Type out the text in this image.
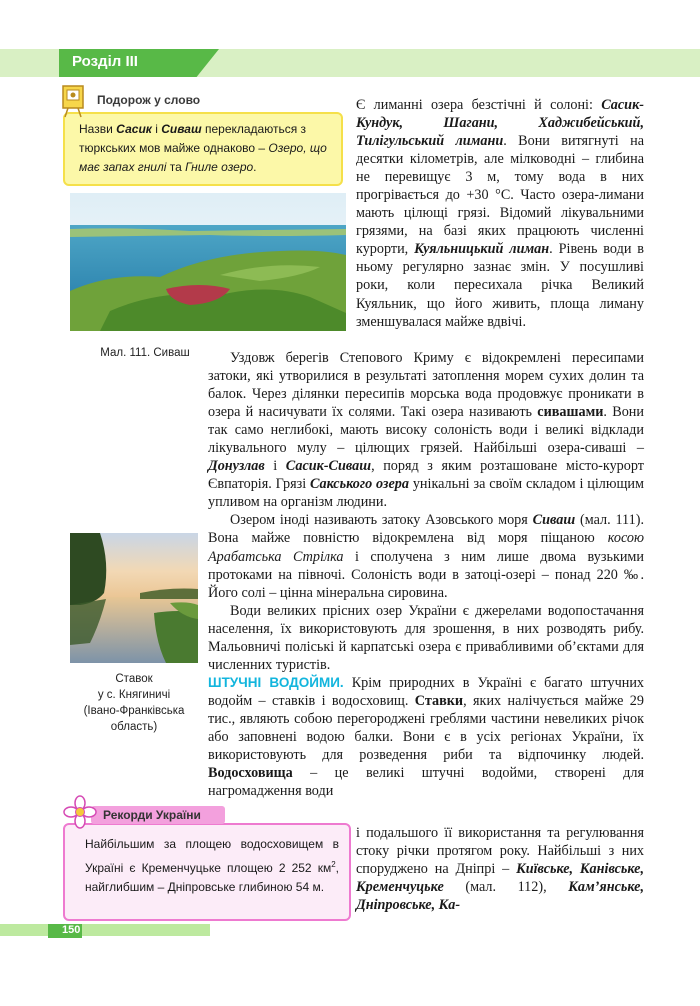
Розділ ІІІ
Подорож у слово
Назви Сасик і Сиваш перекладаються з тюркських мов майже однаково – Озеро, що має запах гнилі та Гниле озеро.
Мал. 111. Сиваш
Ставок
у с. Княгиничі
(Івано-Франківська
область)

Є лиманні озера безстічні й солоні: Сасик-Кундук, Шагани, Хаджибейський, Тилігульський лимани. Вони витягнуті на десятки кілометрів, але мілководні – глибина не перевищує 3 м, тому вода в них прогрівається до +30 °С. Часто озера-лимани мають цілющі грязі. Відомий лікувальними грязями, на базі яких працюють численні курорти, Куяльницький лиман. Рівень води в ньому регулярно зазнає змін. У посушливі роки, коли пересихала річка Великий Куяльник, що його живить, площа лиману зменшувалася майже вдвічі.

Уздовж берегів Степового Криму є відокремлені пересипами затоки, які утворилися в результаті затоплення морем сухих долин та балок. Через ділянки пересипів морська вода продовжує проникати в озера й насичувати їх солями. Такі озера називають сивашами. Вони так само неглибокі, мають високу солоність води і великі відклади лікувального мулу – цілющих грязей. Найбільші озера-сиваші – Донузлав і Сасик-Сиваш, поряд з яким розташоване місто-курорт Євпаторія. Грязі Сакського озера унікальні за своїм складом і цілющим упливом на організм людини.

Озером іноді називають затоку Азовського моря Сиваш (мал. 111). Вона майже повністю відокремлена від моря піщаною косою Арабатська Стрілка і сполучена з ним лише двома вузькими протоками на півночі. Солоність води в затоці-озері – понад 220 ‰. Його солі – цінна мінеральна сировина.

Води великих прісних озер України є джерелами водопостачання населення, їх використовують для зрошення, в них розводять рибу. Мальовничі поліські й карпатські озера є привабливими об’єктами для численних туристів.

ШТУЧНІ ВОДОЙМИ. Крім природних в Україні є багато штучних водойм – ставків і водосховищ. Ставки, яких налічується майже 29 тис., являють собою перегороджені греблями частини невеликих річок або заповнені водою балки. Вони є в усіх регіонах України, їх використовують для розведення риби та відпочинку людей. Водосховища – це великі штучні водойми, створені для нагромадження води

і подальшого її використання та регулювання стоку річки протягом року. Найбільші з них споруджено на Дніпрі – Київське, Канівське, Кременчуцьке (мал. 112), Кам’янське, Дніпровське, Ка-

Рекорди України
Найбільшим за площею водосховищем в Україні є Кременчуцьке площею 2 252 $км^2$, найглибшим – Дніпровське глибиною 54 м.
150
